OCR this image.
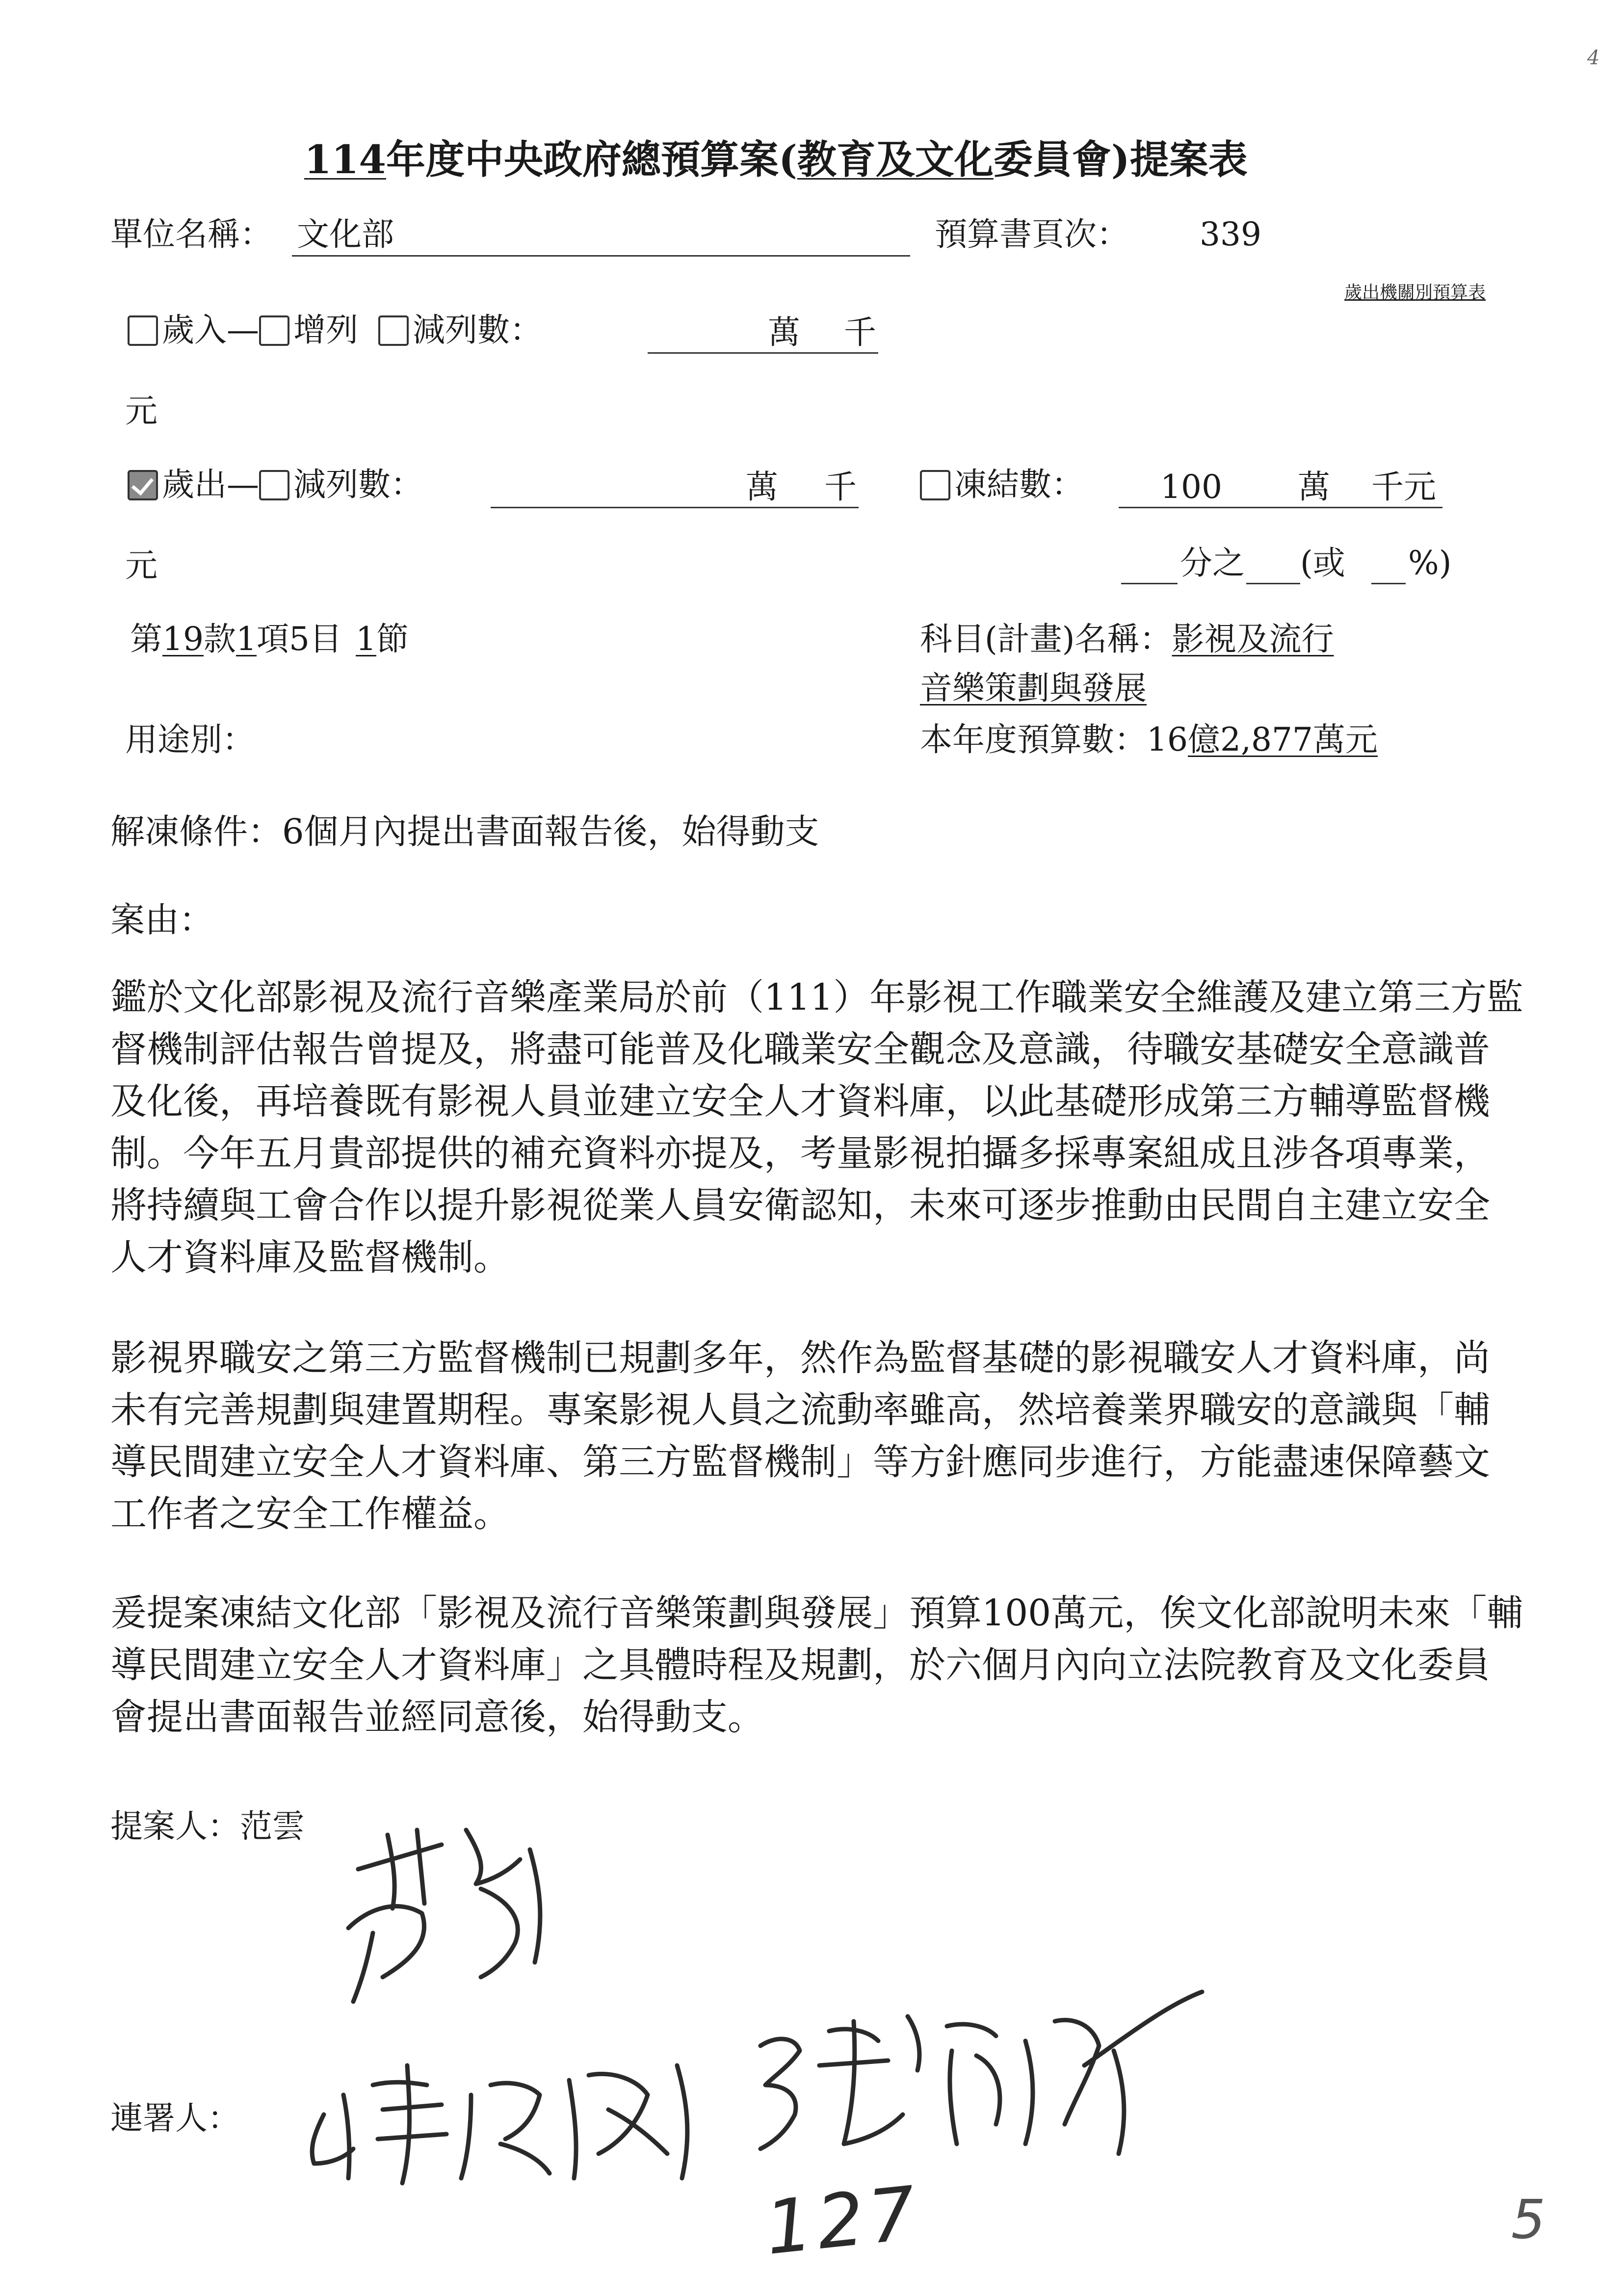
4
114年度中央政府總預算案(教育及文化委員會)提案表
單位名稱： 文化部	預算書頁次： 339
歲出機關別預算表
歲入— 增列 減列數：	萬 千
元
歲出— 減列數：	萬 千	凍結數： 100 萬 千元
元	分之 (或 %)
第19款1項5目 1節	科目(計畫)名稱：影視及流行
音樂策劃與發展
用途別：	本年度預算數：16億2,877萬元
解凍條件：6個月內提出書面報告後，始得動支
案由：
鑑於文化部影視及流行音樂產業局於前（111）年影視工作職業安全維護及建立第三方監督機制評估報告曾提及，將盡可能普及化職業安全觀念及意識，待職安基礎安全意識普及化後，再培養既有影視人員並建立安全人才資料庫，以此基礎形成第三方輔導監督機制。今年五月貴部提供的補充資料亦提及，考量影視拍攝多採專案組成且涉各項專業，將持續與工會合作以提升影視從業人員安衛認知，未來可逐步推動由民間自主建立安全人才資料庫及監督機制。
影視界職安之第三方監督機制已規劃多年，然作為監督基礎的影視職安人才資料庫，尚未有完善規劃與建置期程。專案影視人員之流動率雖高，然培養業界職安的意識與「輔導民間建立安全人才資料庫、第三方監督機制」等方針應同步進行，方能盡速保障藝文工作者之安全工作權益。
爰提案凍結文化部「影視及流行音樂策劃與發展」預算100萬元，俟文化部說明未來「輔導民間建立安全人才資料庫」之具體時程及規劃，於六個月內向立法院教育及文化委員會提出書面報告並經同意後，始得動支。
提案人：范雲
連署人：
127	5
